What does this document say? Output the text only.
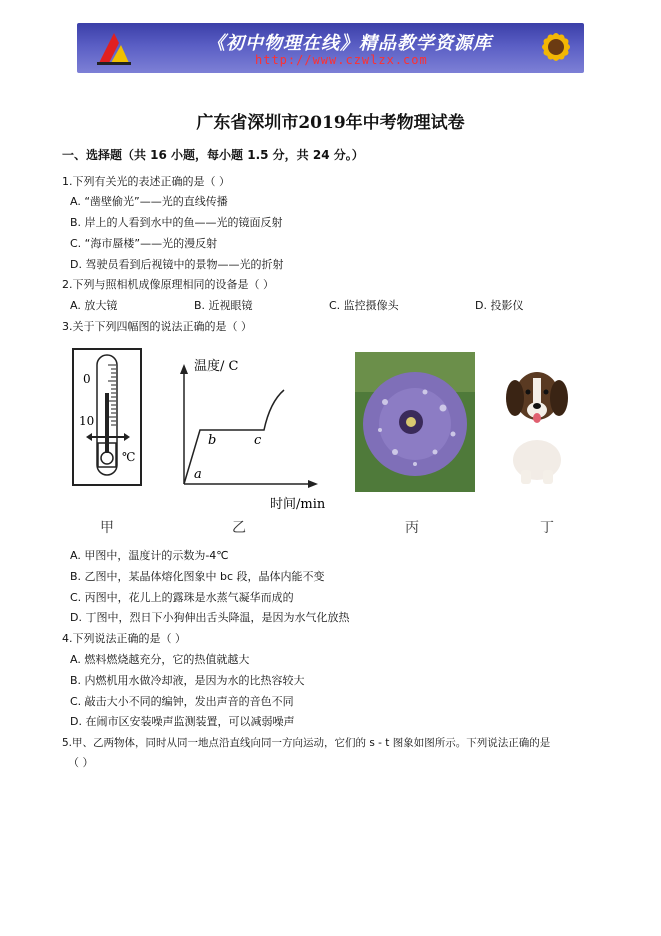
《初中物理在线》精品教学资源库
http://www.czwlzx.com
广东省深圳市2019年中考物理试卷
一、选择题（共 16 小题，每小题 1.5 分，共 24 分。）
1.下列有关光的表述正确的是（ ）
A. “凿壁偷光”——光的直线传播
B. 岸上的人看到水中的鱼——光的镜面反射
C. “海市蜃楼”——光的漫反射
D. 驾驶员看到后视镜中的景物——光的折射
2.下列与照相机成像原理相同的设备是（ ）
A. 放大镜	B. 近视眼镜	C. 监控摄像头	D. 投影仪
3.关于下列四幅图的说法正确的是（ ）
0
10
℃
温度/ C
时间/min
a
b	c
甲	乙	丙	丁
A. 甲图中，温度计的示数为-4℃
B. 乙图中，某晶体熔化图象中 bc 段，晶体内能不变
C. 丙图中，花儿上的露珠是水蒸气凝华而成的
D. 丁图中，烈日下小狗伸出舌头降温，是因为水气化放热
4.下列说法正确的是（ ）
A. 燃料燃烧越充分，它的热值就越大
B. 内燃机用水做冷却液，是因为水的比热容较大
C. 敲击大小不同的编钟，发出声音的音色不同
D. 在闹市区安装噪声监测装置，可以减弱噪声
5.甲、乙两物体，同时从同一地点沿直线向同一方向运动，它们的 s - t 图象如图所示。下列说法正确的是
（ ）
